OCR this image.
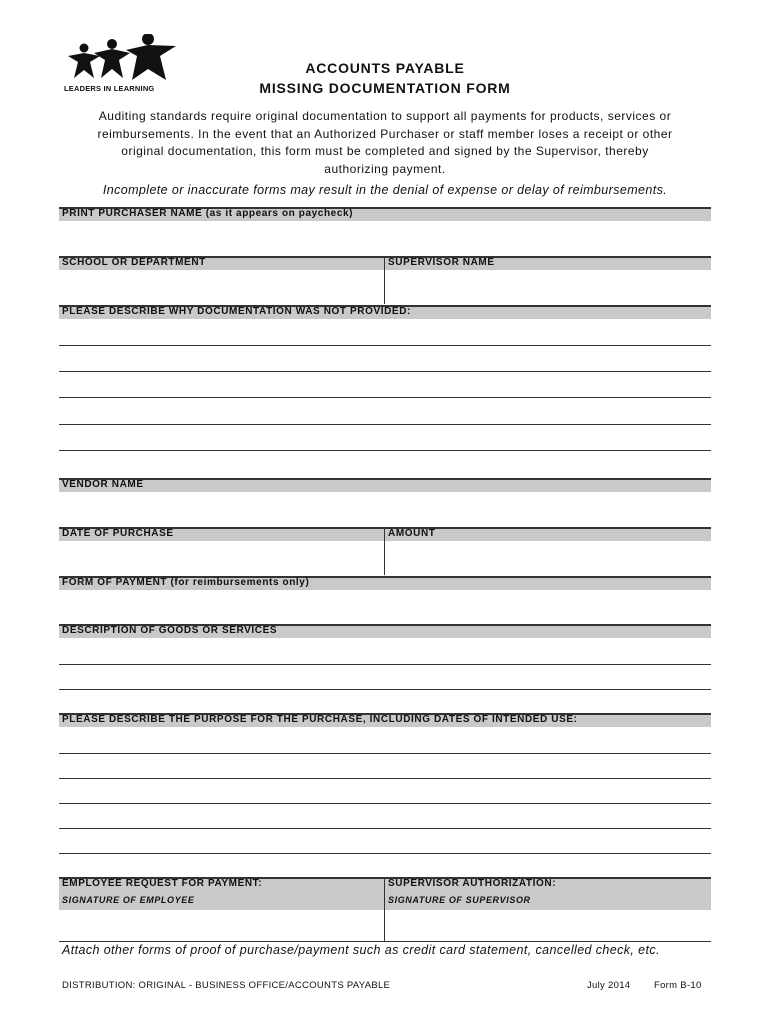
LEADERS IN LEARNING
ACCOUNTS PAYABLE
MISSING DOCUMENTATION FORM
Auditing standards require original documentation to support all payments for products, services or
reimbursements. In the event that an Authorized Purchaser or staff member loses a receipt or other
original documentation, this form must be completed and signed by the Supervisor, thereby
authorizing payment.
Incomplete or inaccurate forms may result in the denial of expense or delay of reimbursements.
PRINT PURCHASER NAME (as it appears on paycheck)
SCHOOL OR DEPARTMENT	SUPERVISOR NAME
PLEASE DESCRIBE WHY DOCUMENTATION WAS NOT PROVIDED:
VENDOR NAME
DATE OF PURCHASE	AMOUNT
FORM OF PAYMENT (for reimbursements only)
DESCRIPTION OF GOODS OR SERVICES
PLEASE DESCRIBE THE PURPOSE FOR THE PURCHASE, INCLUDING DATES OF INTENDED USE:
EMPLOYEE REQUEST FOR PAYMENT:	SUPERVISOR AUTHORIZATION:
SIGNATURE OF EMPLOYEE	SIGNATURE OF SUPERVISOR
Attach other forms of proof of purchase/payment such as credit card statement, cancelled check, etc.
DISTRIBUTION: ORIGINAL - BUSINESS OFFICE/ACCOUNTS PAYABLE	July 2014 Form B-10
